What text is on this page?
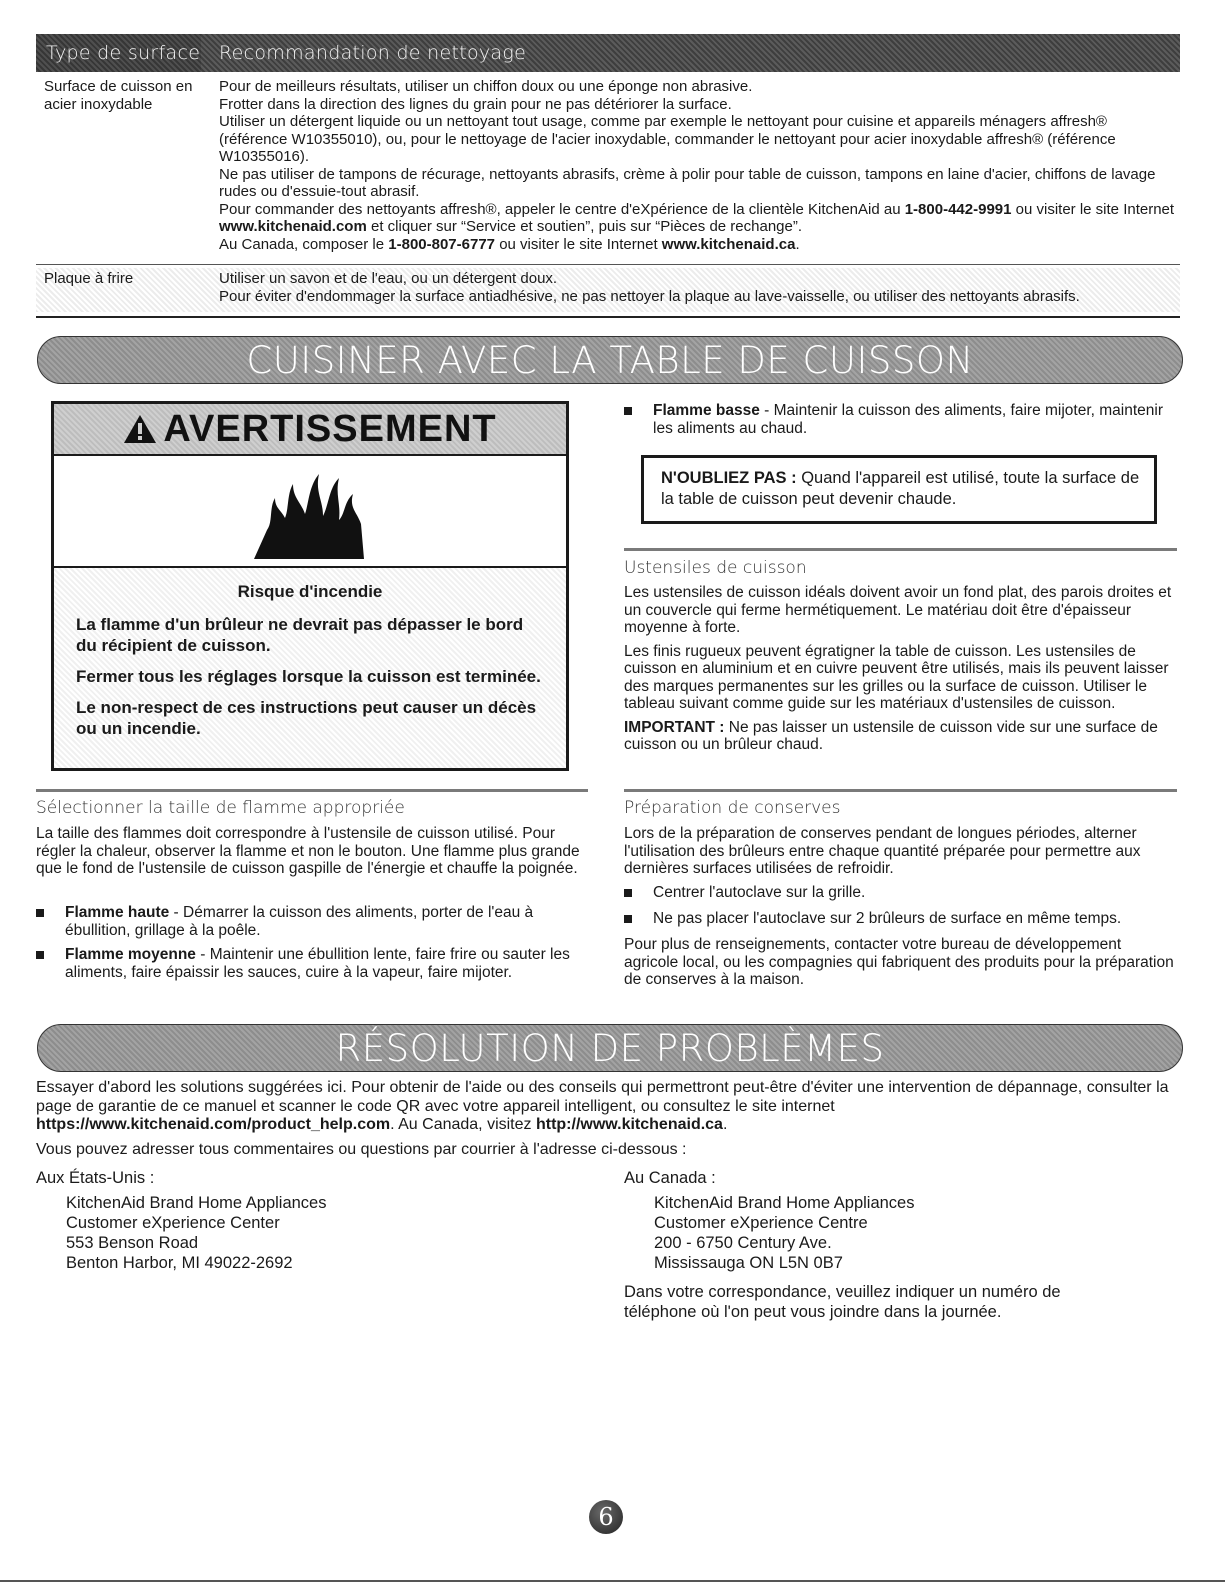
Type de surface Recommandation de nettoyage
Surface de cuisson en acier inoxydable
Pour de meilleurs résultats, utiliser un chiffon doux ou une éponge non abrasive.
Frotter dans la direction des lignes du grain pour ne pas détériorer la surface.
Utiliser un détergent liquide ou un nettoyant tout usage, comme par exemple le nettoyant pour cuisine et appareils ménagers affresh® (référence W10355010), ou, pour le nettoyage de l'acier inoxydable, commander le nettoyant pour acier inoxydable affresh® (référence W10355016).
Ne pas utiliser de tampons de récurage, nettoyants abrasifs, crème à polir pour table de cuisson, tampons en laine d'acier, chiffons de lavage rudes ou d'essuie-tout abrasif.
Pour commander des nettoyants affresh®, appeler le centre d'eXpérience de la clientèle KitchenAid au 1-800-442-9991 ou visiter le site Internet www.kitchenaid.com et cliquer sur “Service et soutien”, puis sur “Pièces de rechange”.
Au Canada, composer le 1-800-807-6777 ou visiter le site Internet www.kitchenaid.ca.
Plaque à frire	Utiliser un savon et de l'eau, ou un détergent doux.
Pour éviter d'endommager la surface antiadhésive, ne pas nettoyer la plaque au lave-vaisselle, ou utiliser des nettoyants abrasifs.
CUISINER AVEC LA TABLE DE CUISSON
AVERTISSEMENT
Risque d'incendie

La flamme d'un brûleur ne devrait pas dépasser le bord du récipient de cuisson.

Fermer tous les réglages lorsque la cuisson est terminée.

Le non-respect de ces instructions peut causer un décès ou un incendie.

Flamme basse - Maintenir la cuisson des aliments, faire mijoter, maintenir les aliments au chaud.
N'OUBLIEZ PAS : Quand l'appareil est utilisé, toute la surface de la table de cuisson peut devenir chaude.
Ustensiles de cuisson

Les ustensiles de cuisson idéals doivent avoir un fond plat, des parois droites et un couvercle qui ferme hermétiquement. Le matériau doit être d'épaisseur moyenne à forte.

Les finis rugueux peuvent égratigner la table de cuisson. Les ustensiles de cuisson en aluminium et en cuivre peuvent être utilisés, mais ils peuvent laisser des marques permanentes sur les grilles ou la surface de cuisson. Utiliser le tableau suivant comme guide sur les matériaux d'ustensiles de cuisson.

IMPORTANT : Ne pas laisser un ustensile de cuisson vide sur une surface de cuisson ou un brûleur chaud.

Sélectionner la taille de flamme appropriée
La taille des flammes doit correspondre à l'ustensile de cuisson utilisé. Pour régler la chaleur, observer la flamme et non le bouton. Une flamme plus grande que le fond de l'ustensile de cuisson gaspille de l'énergie et chauffe la poignée.
Flamme haute - Démarrer la cuisson des aliments, porter de l'eau à ébullition, grillage à la poêle.
Flamme moyenne - Maintenir une ébullition lente, faire frire ou sauter les aliments, faire épaissir les sauces, cuire à la vapeur, faire mijoter.
Préparation de conserves
Lors de la préparation de conserves pendant de longues périodes, alterner l'utilisation des brûleurs entre chaque quantité préparée pour permettre aux dernières surfaces utilisées de refroidir.
Centrer l'autoclave sur la grille.
Ne pas placer l'autoclave sur 2 brûleurs de surface en même temps.
Pour plus de renseignements, contacter votre bureau de développement agricole local, ou les compagnies qui fabriquent des produits pour la préparation de conserves à la maison.
RÉSOLUTION DE PROBLÈMES

Essayer d'abord les solutions suggérées ici. Pour obtenir de l'aide ou des conseils qui permettront peut-être d'éviter une intervention de dépannage, consulter la page de garantie de ce manuel et scanner le code QR avec votre appareil intelligent, ou consultez le site internet https://www.kitchenaid.com/product_help.com. Au Canada, visitez http://www.kitchenaid.ca.

Vous pouvez adresser tous commentaires ou questions par courrier à l'adresse ci-dessous :

Aux États-Unis :
KitchenAid Brand Home Appliances
Customer eXperience Center
553 Benson Road
Benton Harbor, MI 49022-2692
Au Canada :
KitchenAid Brand Home Appliances
Customer eXperience Centre
200 - 6750 Century Ave.
Mississauga ON L5N 0B7
Dans votre correspondance, veuillez indiquer un numéro de téléphone où l'on peut vous joindre dans la journée.
6
